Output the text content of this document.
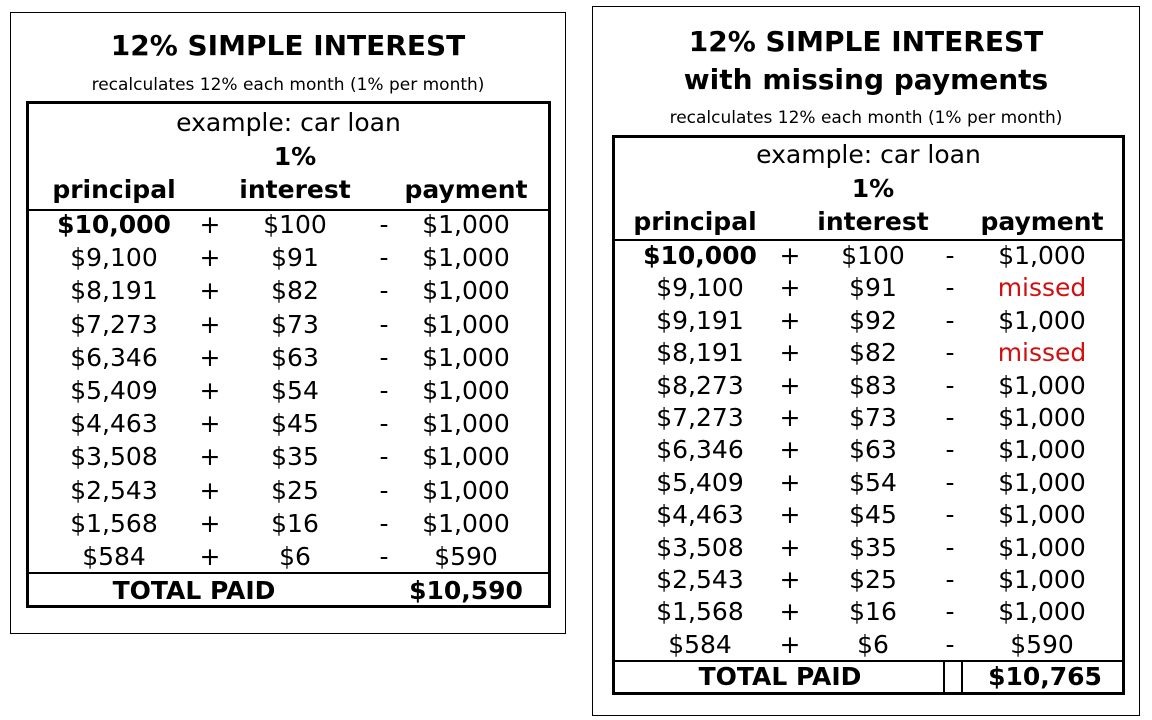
12% SIMPLE INTEREST
recalculates 12% each month (1% per month)
example: car loan
1%
principal	interest	payment
$10,000	+	$100	-	$1,000
$9,100	+	$91	-	$1,000
$8,191	+	$82	-	$1,000
$7,273	+	$73	-	$1,000
$6,346	+	$63	-	$1,000
$5,409	+	$54	-	$1,000
$4,463	+	$45	-	$1,000
$3,508	+	$35	-	$1,000
$2,543	+	$25	-	$1,000
$1,568	+	$16	-	$1,000
$584	+	$6	-	$590
TOTAL PAID	$10,590
12% SIMPLE INTEREST
with missing payments
recalculates 12% each month (1% per month)
example: car loan
1%
principal	interest	payment
$10,000 +	$100	-	$1,000
$9,100	+	$91	-	missed
$9,191	+	$92	-	$1,000
$8,191	+	$82	-	missed
$8,273	+	$83	-	$1,000
$7,273	+	$73	-	$1,000
$6,346	+	$63	-	$1,000
$5,409	+	$54	-	$1,000
$4,463	+	$45	-	$1,000
$3,508	+	$35	-	$1,000
$2,543	+	$25	-	$1,000
$1,568	+	$16	-	$1,000
$584	+	$6	-	$590
TOTAL PAID	$10,765
